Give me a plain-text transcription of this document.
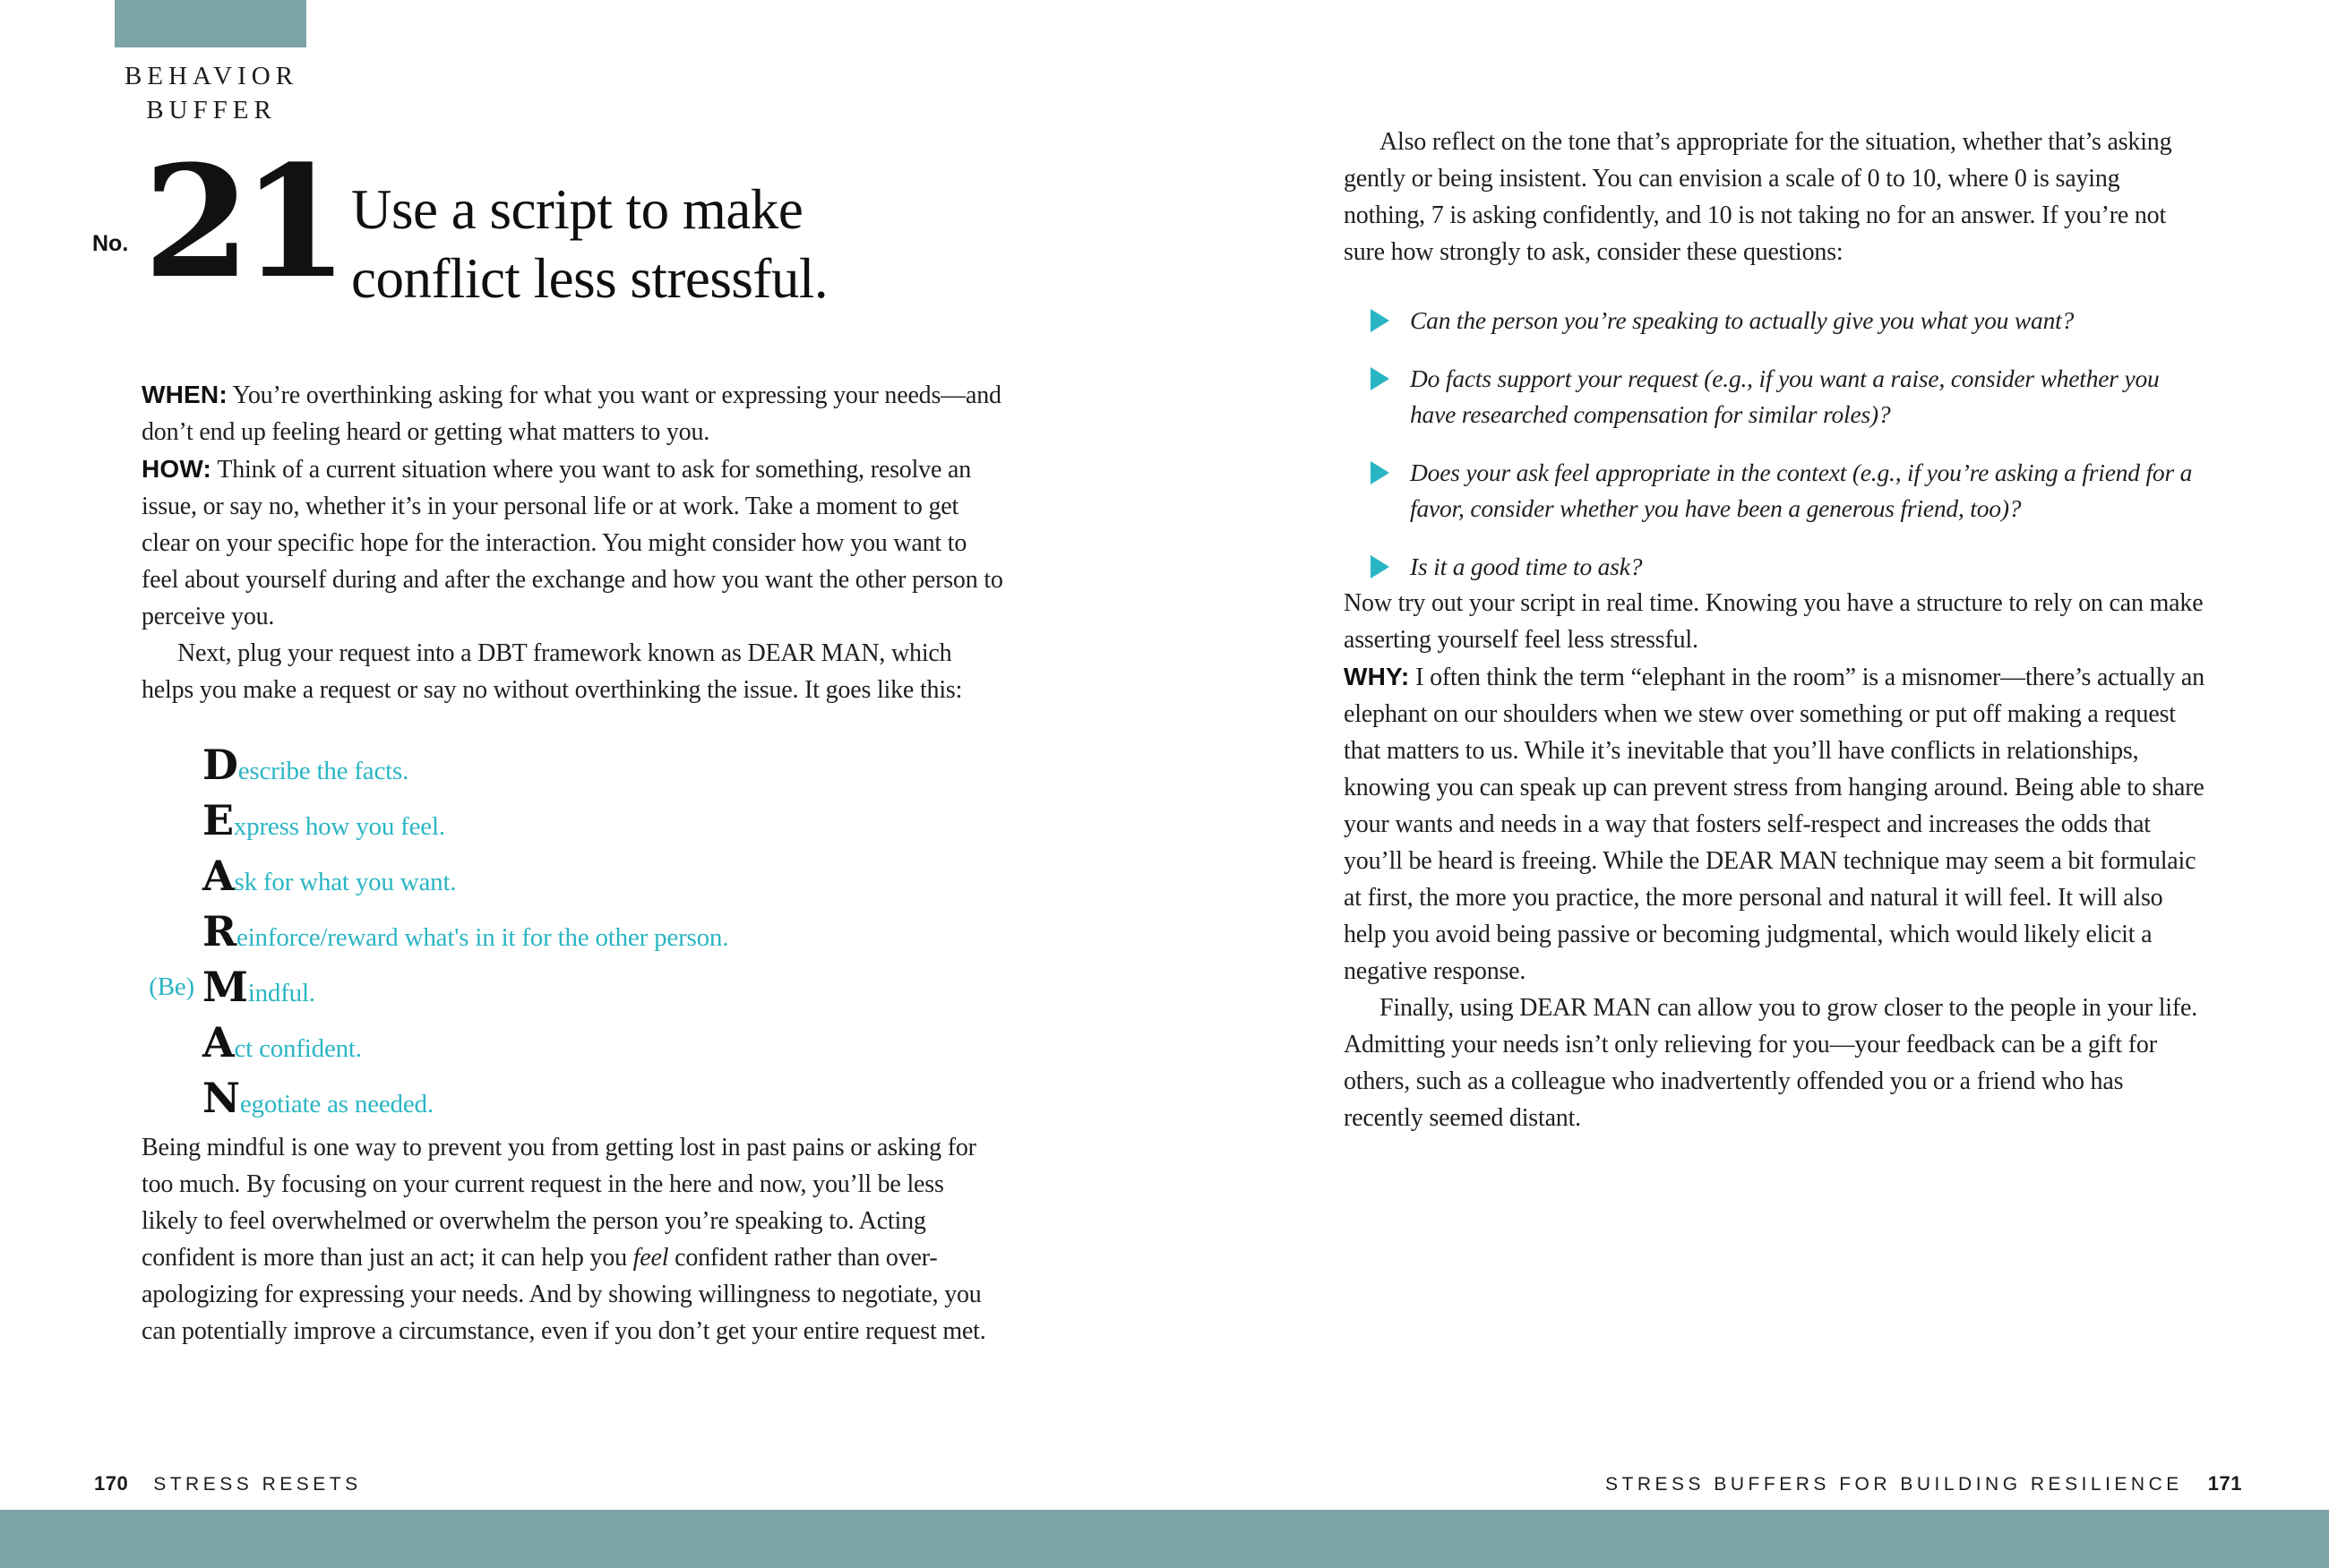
BEHAVIOR
BUFFER
No. 21 Use a script to make
conflict less stressful.

WHEN: You’re overthinking asking for what you want or expressing your needs—and don’t end up feeling heard or getting what matters to you.

HOW: Think of a current situation where you want to ask for something, resolve an issue, or say no, whether it’s in your personal life or at work. Take a moment to get clear on your specific hope for the interaction. You might consider how you want to feel about yourself during and after the exchange and how you want the other person to perceive you.

Next, plug your request into a DBT framework known as DEAR MAN, which helps you make a request or say no without overthinking the issue. It goes like this:

Describe the facts.
Express how you feel.
Ask for what you want.
Reinforce/reward what's in it for the other person.
(Be) Mindful.
Act confident.
Negotiate as needed.

Being mindful is one way to prevent you from getting lost in past pains or asking for too much. By focusing on your current request in the here and now, you’ll be less likely to feel overwhelmed or overwhelm the person you’re speaking to. Acting confident is more than just an act; it can help you feel confident rather than over-apologizing for expressing your needs. And by showing willingness to negotiate, you can potentially improve a circumstance, even if you don’t get your entire request met.

170 STRESS RESETS

Also reflect on the tone that’s appropriate for the situation, whether that’s asking gently or being insistent. You can envision a scale of 0 to 10, where 0 is saying nothing, 7 is asking confidently, and 10 is not taking no for an answer. If you’re not sure how strongly to ask, consider these questions:

Can the person you’re speaking to actually give you what you want?
Do facts support your request (e.g., if you want a raise, consider whether you have researched compensation for similar roles)?
Does your ask feel appropriate in the context (e.g., if you’re asking a friend for a favor, consider whether you have been a generous friend, too)?
Is it a good time to ask?

Now try out your script in real time. Knowing you have a structure to rely on can make asserting yourself feel less stressful.

WHY: I often think the term “elephant in the room” is a misnomer—there’s actually an elephant on our shoulders when we stew over something or put off making a request that matters to us. While it’s inevitable that you’ll have conflicts in relationships, knowing you can speak up can prevent stress from hanging around. Being able to share your wants and needs in a way that fosters self-respect and increases the odds that you’ll be heard is freeing. While the DEAR MAN technique may seem a bit formulaic at first, the more you practice, the more personal and natural it will feel. It will also help you avoid being passive or becoming judgmental, which would likely elicit a negative response.

Finally, using DEAR MAN can allow you to grow closer to the people in your life. Admitting your needs isn’t only relieving for you—your feedback can be a gift for others, such as a colleague who inadvertently offended you or a friend who has recently seemed distant.

STRESS BUFFERS FOR BUILDING RESILIENCE 171
